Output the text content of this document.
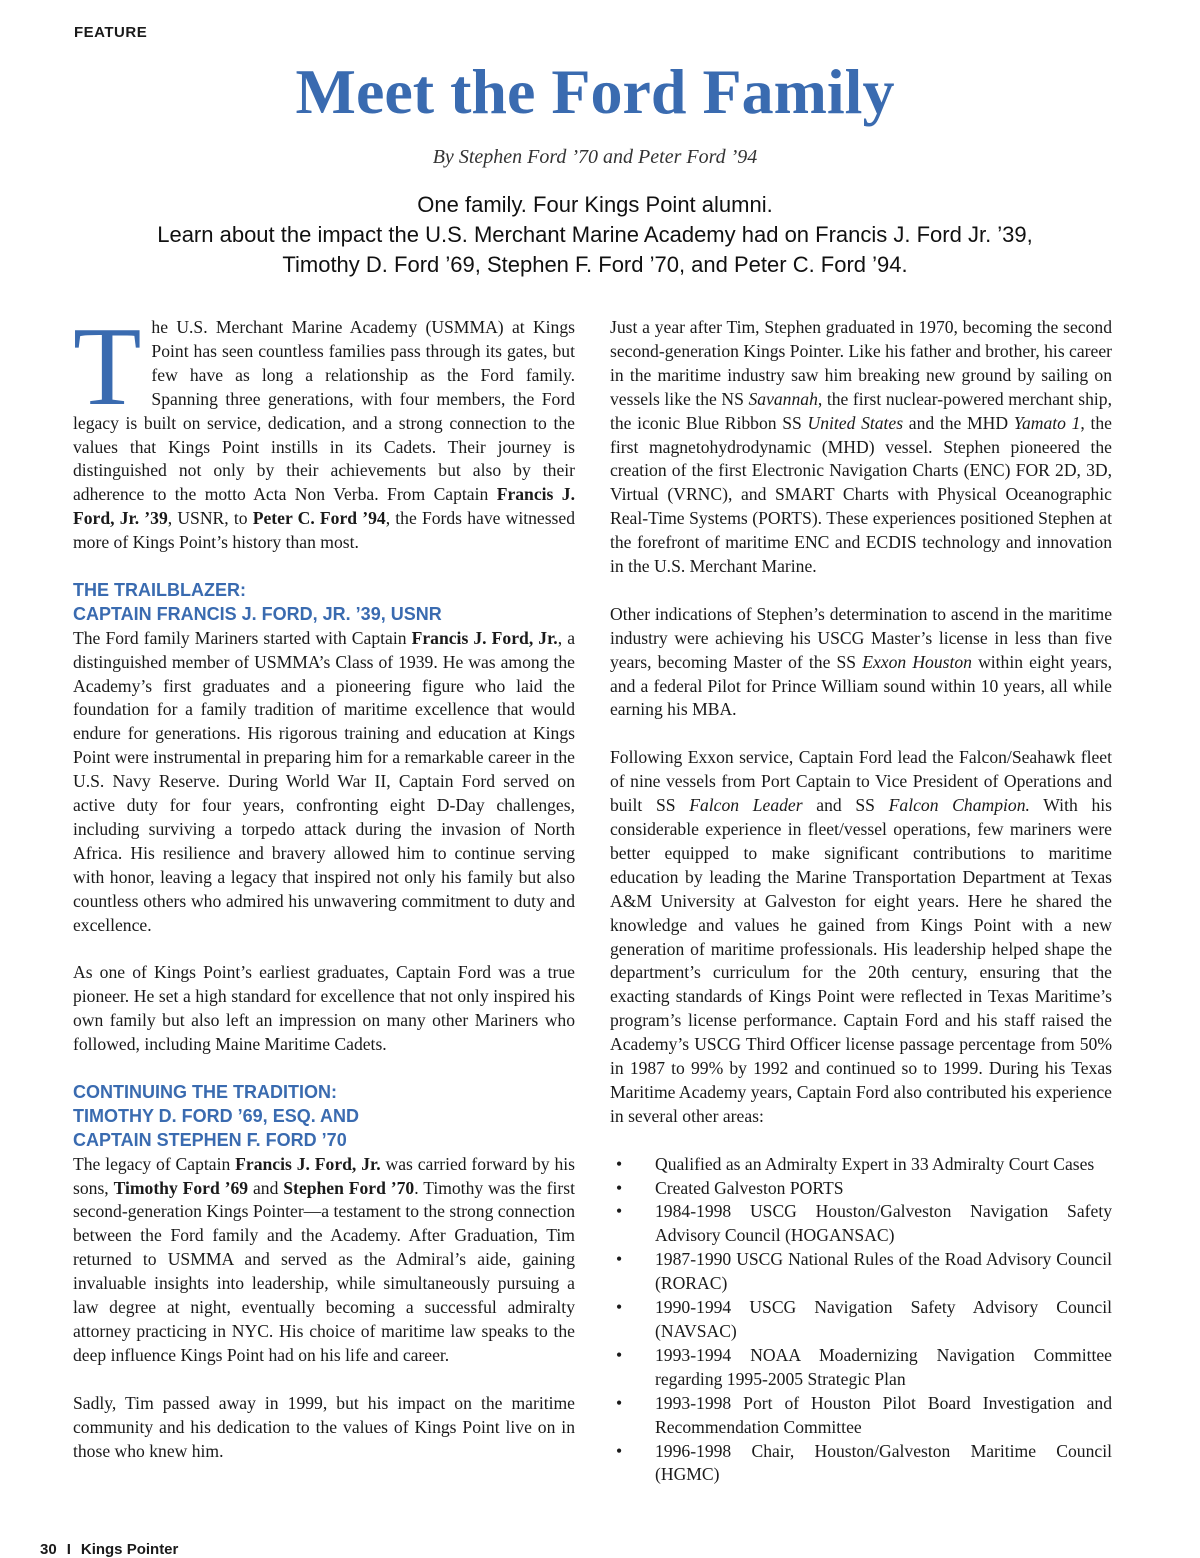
FEATURE
Meet the Ford Family
By Stephen Ford ’70 and Peter Ford ’94
One family. Four Kings Point alumni.
Learn about the impact the U.S. Merchant Marine Academy had on Francis J. Ford Jr. ’39,
Timothy D. Ford ’69, Stephen F. Ford ’70, and Peter C. Ford ’94.

The U.S. Merchant Marine Academy (USMMA) at Kings Point has seen countless families pass through its gates, but few have as long a relationship as the Ford family. Spanning three generations, with four members, the Ford legacy is built on service, dedication, and a strong connection to the values that Kings Point instills in its Cadets. Their journey is distinguished not only by their achievements but also by their adherence to the motto Acta Non Verba. From Captain Francis J. Ford, Jr. ’39, USNR, to Peter C. Ford ’94, the Fords have witnessed more of Kings Point’s history than most.

THE TRAILBLAZER:
CAPTAIN FRANCIS J. FORD, JR. ’39, USNR

The Ford family Mariners started with Captain Francis J. Ford, Jr., a distinguished member of USMMA’s Class of 1939. He was among the Academy’s first graduates and a pioneering figure who laid the foundation for a family tradition of maritime excellence that would endure for generations. His rigorous training and education at Kings Point were instrumental in preparing him for a remarkable career in the U.S. Navy Reserve. During World War II, Captain Ford served on active duty for four years, confronting eight D-Day challenges, including surviving a torpedo attack during the invasion of North Africa. His resilience and bravery allowed him to continue serving with honor, leaving a legacy that inspired not only his family but also countless others who admired his unwavering commitment to duty and excellence.

As one of Kings Point’s earliest graduates, Captain Ford was a true pioneer. He set a high standard for excellence that not only inspired his own family but also left an impression on many other Mariners who followed, including Maine Maritime Cadets.

CONTINUING THE TRADITION:
TIMOTHY D. FORD ’69, ESQ. AND
CAPTAIN STEPHEN F. FORD ’70

The legacy of Captain Francis J. Ford, Jr. was carried forward by his sons, Timothy Ford ’69 and Stephen Ford ’70. Timothy was the first second-generation Kings Pointer—a testament to the strong connection between the Ford family and the Academy. After Graduation, Tim returned to USMMA and served as the Admiral’s aide, gaining invaluable insights into leadership, while simultaneously pursuing a law degree at night, eventually becoming a successful admiralty attorney practicing in NYC. His choice of maritime law speaks to the deep influence Kings Point had on his life and career.

Sadly, Tim passed away in 1999, but his impact on the maritime community and his dedication to the values of Kings Point live on in those who knew him.

Just a year after Tim, Stephen graduated in 1970, becoming the second second-generation Kings Pointer. Like his father and brother, his career in the maritime industry saw him breaking new ground by sailing on vessels like the NS Savannah, the first nuclear-powered merchant ship, the iconic Blue Ribbon SS United States and the MHD Yamato 1, the first magnetohydrodynamic (MHD) vessel. Stephen pioneered the creation of the first Electronic Navigation Charts (ENC) FOR 2D, 3D, Virtual (VRNC), and SMART Charts with Physical Oceanographic Real-Time Systems (PORTS). These experiences positioned Stephen at the forefront of maritime ENC and ECDIS technology and innovation in the U.S. Merchant Marine.

Other indications of Stephen’s determination to ascend in the maritime industry were achieving his USCG Master’s license in less than five years, becoming Master of the SS Exxon Houston within eight years, and a federal Pilot for Prince William sound within 10 years, all while earning his MBA.

Following Exxon service, Captain Ford lead the Falcon/Seahawk fleet of nine vessels from Port Captain to Vice President of Operations and built SS Falcon Leader and SS Falcon Champion. With his considerable experience in fleet/vessel operations, few mariners were better equipped to make significant contributions to maritime education by leading the Marine Transportation Department at Texas A&M University at Galveston for eight years. Here he shared the knowledge and values he gained from Kings Point with a new generation of maritime professionals. His leadership helped shape the department’s curriculum for the 20th century, ensuring that the exacting standards of Kings Point were reflected in Texas Maritime’s program’s license performance. Captain Ford and his staff raised the Academy’s USCG Third Officer license passage percentage from 50% in 1987 to 99% by 1992 and continued so to 1999. During his Texas Maritime Academy years, Captain Ford also contributed his experience in several other areas:

• Qualified as an Admiralty Expert in 33 Admiralty Court Cases
• Created Galveston PORTS
• 1984-1998 USCG Houston/Galveston Navigation Safety Advisory Council (HOGANSAC)
• 1987-1990 USCG National Rules of the Road Advisory Council (RORAC)
• 1990-1994 USCG Navigation Safety Advisory Council (NAVSAC)
• 1993-1994 NOAA Moadernizing Navigation Committee regarding 1995-2005 Strategic Plan
• 1993-1998 Port of Houston Pilot Board Investigation and Recommendation Committee
• 1996-1998 Chair, Houston/Galveston Maritime Council (HGMC)
30 I Kings Pointer
